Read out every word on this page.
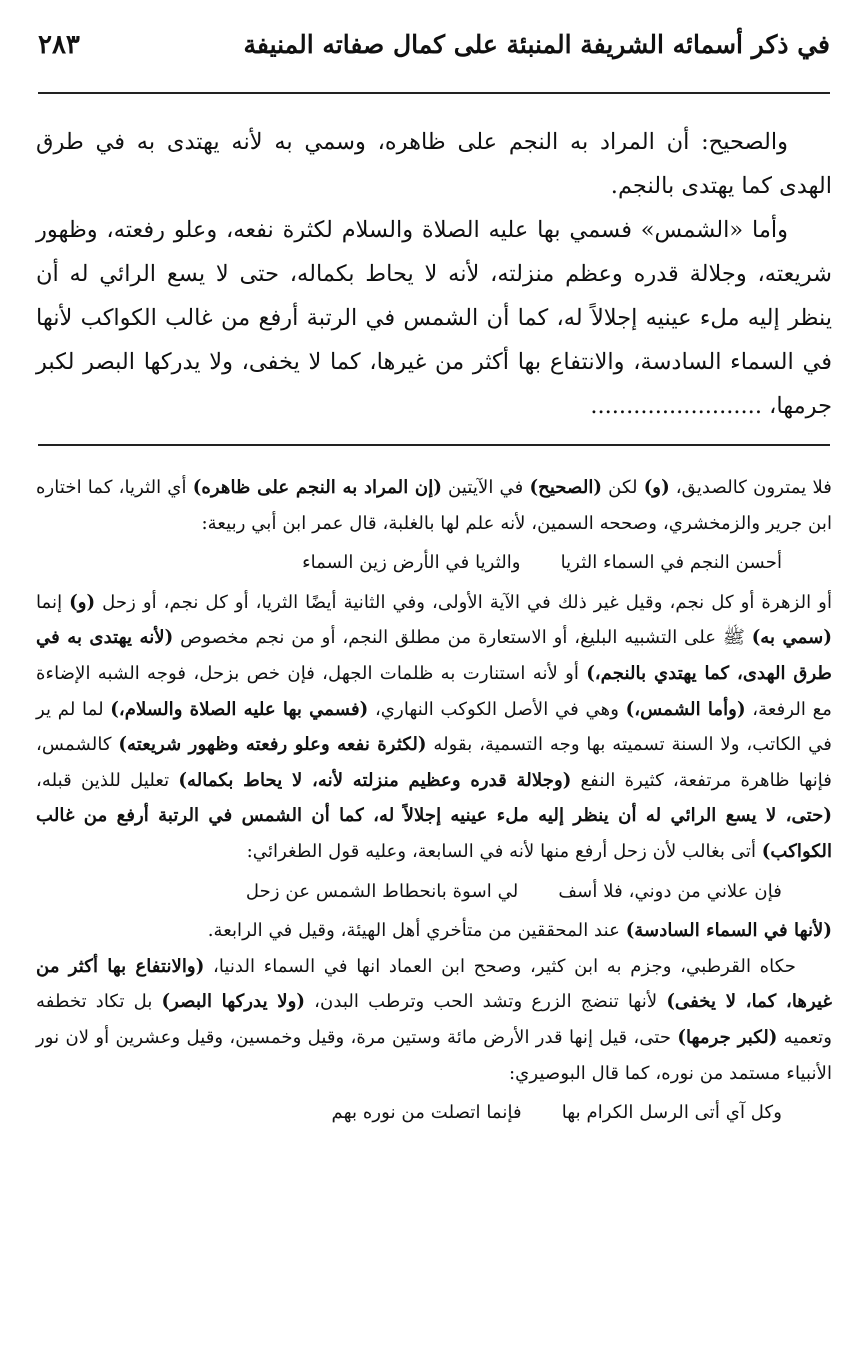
في ذكر أسمائه الشريفة المنبئة على كمال صفاته المنيفة
٢٨٣

والصحيح: أن المراد به النجم على ظاهره، وسمي به لأنه يهتدى به في طرق الهدى كما يهتدى بالنجم.

وأما «الشمس» فسمي بها عليه الصلاة والسلام لكثرة نفعه، وعلو رفعته، وظهور شريعته، وجلالة قدره وعظم منزلته، لأنه لا يحاط بكماله، حتى لا يسع الرائي له أن ينظر إليه ملء عينيه إجلالاً له، كما أن الشمس في الرتبة أرفع من غالب الكواكب لأنها في السماء السادسة، والانتفاع بها أكثر من غيرها، كما لا يخفى، ولا يدركها البصر لكبر جرمها، ........................

فلا يمترون كالصديق، (و) لكن (الصحيح) في الآيتين (إن المراد به النجم على ظاهره) أي الثريا، كما اختاره ابن جرير والزمخشري، وصححه السمين، لأنه علم لها بالغلبة، قال عمر ابن أبي ربيعة:

أحسن النجم في السماء الثريا
والثريا في الأرض زين السماء

أو الزهرة أو كل نجم، وقيل غير ذلك في الآية الأولى، وفي الثانية أيضًا الثريا، أو كل نجم، أو زحل (و) إنما (سمي به) ﷺ على التشبيه البليغ، أو الاستعارة من مطلق النجم، أو من نجم مخصوص (لأنه يهتدى به في طرق الهدى، كما يهتدي بالنجم،) أو لأنه استنارت به ظلمات الجهل، فإن خص بزحل، فوجه الشبه الإضاءة مع الرفعة، (وأما الشمس،) وهي في الأصل الكوكب النهاري، (فسمي بها عليه الصلاة والسلام،) لما لم ير في الكاتب، ولا السنة تسميته بها وجه التسمية، بقوله (لكثرة نفعه وعلو رفعته وظهور شريعته) كالشمس، فإنها ظاهرة مرتفعة، كثيرة النفع (وجلالة قدره وعظيم منزلته لأنه، لا يحاط بكماله) تعليل للذين قبله، (حتى، لا يسع الرائي له أن ينظر إليه ملء عينيه إجلالاً له، كما أن الشمس في الرتبة أرفع من غالب الكواكب) أتى بغالب لأن زحل أرفع منها لأنه في السابعة، وعليه قول الطغرائي:

فإن علاني من دوني، فلا أسف
لي اسوة بانحطاط الشمس عن زحل

(لأنها في السماء السادسة) عند المحققين من متأخري أهل الهيئة، وقيل في الرابعة.

حكاه القرطبي، وجزم به ابن كثير، وصحح ابن العماد انها في السماء الدنيا، (والانتفاع بها أكثر من غيرها، كما، لا يخفى) لأنها تنضج الزرع وتشد الحب وترطب البدن، (ولا يدركها البصر) بل تكاد تخطفه وتعميه (لكبر جرمها) حتى، قيل إنها قدر الأرض مائة وستين مرة، وقيل وخمسين، وقيل وعشرين أو لان نور الأنبياء مستمد من نوره، كما قال البوصيري:

وكل آي أتى الرسل الكرام بها
فإنما اتصلت من نوره بهم
